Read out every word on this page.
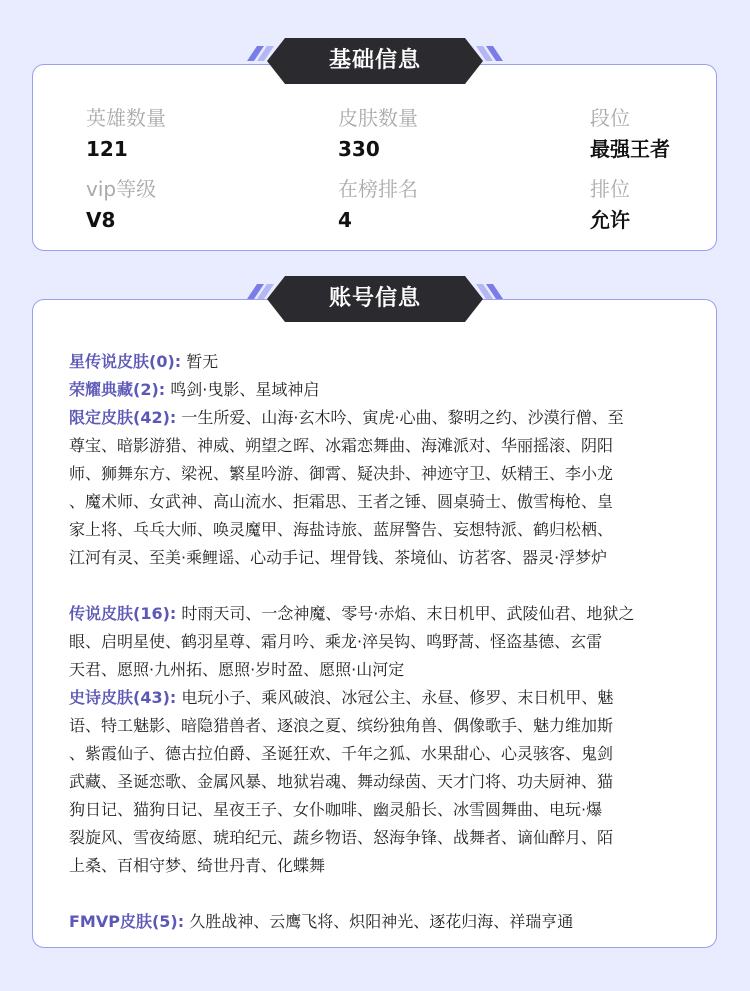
英雄数量
121
皮肤数量
330
段位
最强王者
vip等级
V8
在榜排名
4
排位
允许
基础信息

星传说皮肤(0): 暂无

荣耀典藏(2): 鸣剑·曳影、星域神启

限定皮肤(42): 一生所爱、山海·玄木吟、寅虎·心曲、黎明之约、沙漠行僧、至

尊宝、暗影游猎、神威、朔望之晖、冰霜恋舞曲、海滩派对、华丽摇滚、阴阳

师、狮舞东方、梁祝、繁星吟游、御霄、疑决卦、神迹守卫、妖精王、李小龙

、魔术师、女武神、高山流水、拒霜思、王者之锤、圆桌骑士、傲雪梅枪、皇

家上将、乓乓大师、唤灵魔甲、海盐诗旅、蓝屏警告、妄想特派、鹤归松栖、

江河有灵、至美·乘鲤谣、心动手记、埋骨钱、茶境仙、访茗客、器灵·浮梦炉

传说皮肤(16): 时雨天司、一念神魔、零号·赤焰、末日机甲、武陵仙君、地狱之

眼、启明星使、鹤羽星尊、霜月吟、乘龙·淬吴钩、鸣野蒿、怪盗基德、玄雷

天君、愿照·九州拓、愿照·岁时盈、愿照·山河定

史诗皮肤(43): 电玩小子、乘风破浪、冰冠公主、永昼、修罗、末日机甲、魅

语、特工魅影、暗隐猎兽者、逐浪之夏、缤纷独角兽、偶像歌手、魅力维加斯

、紫霞仙子、德古拉伯爵、圣诞狂欢、千年之狐、水果甜心、心灵骇客、鬼剑

武藏、圣诞恋歌、金属风暴、地狱岩魂、舞动绿茵、天才门将、功夫厨神、猫

狗日记、猫狗日记、星夜王子、女仆咖啡、幽灵船长、冰雪圆舞曲、电玩·爆

裂旋风、雪夜绮愿、琥珀纪元、蔬乡物语、怒海争锋、战舞者、谪仙醉月、陌

上桑、百相守梦、绮世丹青、化蝶舞

FMVP皮肤(5): 久胜战神、云鹰飞将、炽阳神光、逐花归海、祥瑞亨通

账号信息
